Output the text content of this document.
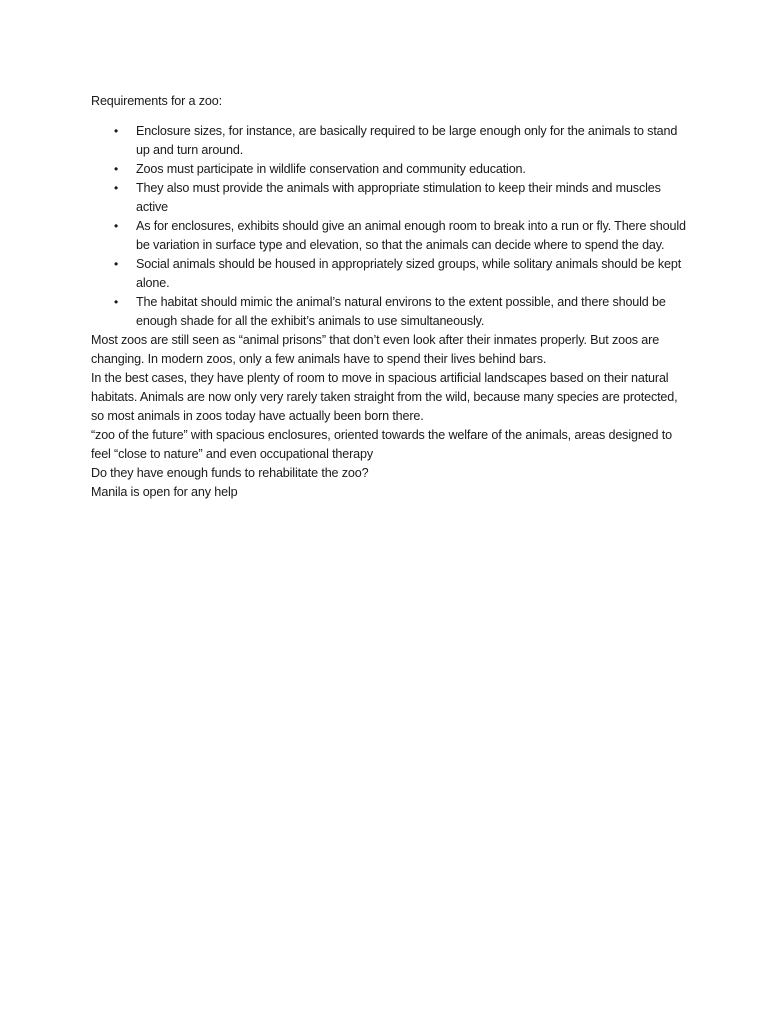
Requirements for a zoo:

• Enclosure sizes, for instance, are basically required to be large enough only for the animals to stand up and turn around.
• Zoos must participate in wildlife conservation and community education.
• They also must provide the animals with appropriate stimulation to keep their minds and muscles active
• As for enclosures, exhibits should give an animal enough room to break into a run or fly. There should be variation in surface type and elevation, so that the animals can decide where to spend the day.
• Social animals should be housed in appropriately sized groups, while solitary animals should be kept alone.
• The habitat should mimic the animal’s natural environs to the extent possible, and there should be enough shade for all the exhibit’s animals to use simultaneously.

Most zoos are still seen as “animal prisons” that don’t even look after their inmates properly. But zoos are changing. In modern zoos, only a few animals have to spend their lives behind bars.

In the best cases, they have plenty of room to move in spacious artificial landscapes based on their natural habitats. Animals are now only very rarely taken straight from the wild, because many species are protected, so most animals in zoos today have actually been born there.

“zoo of the future” with spacious enclosures, oriented towards the welfare of the animals, areas designed to feel “close to nature” and even occupational therapy

Do they have enough funds to rehabilitate the zoo?

Manila is open for any help
